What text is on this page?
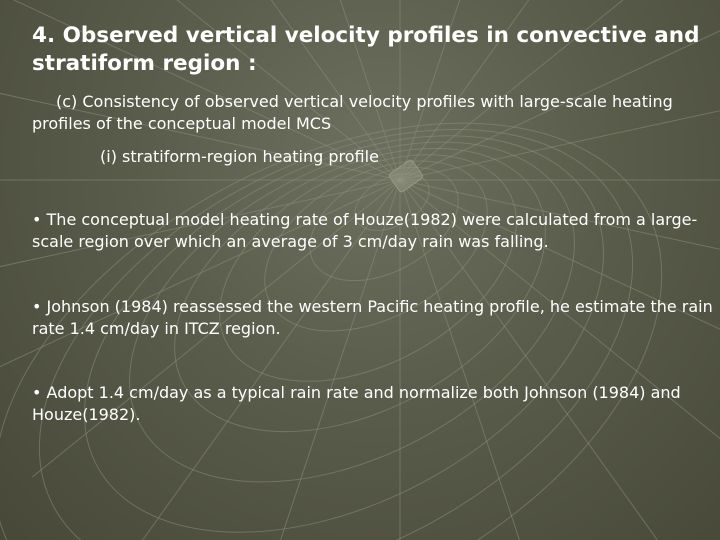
4. Observed vertical velocity profiles in convective and stratiform region :

(c) Consistency of observed vertical velocity profiles with large-scale heating profiles of the conceptual model MCS

(i) stratiform-region heating profile

• The conceptual model heating rate of Houze(1982) were calculated from a large-scale region over which an average of 3 cm/day rain was falling.

• Johnson (1984) reassessed the western Pacific heating profile, he estimate the rain rate 1.4 cm/day in ITCZ region.

• Adopt 1.4 cm/day as a typical rain rate and normalize both Johnson (1984) and Houze(1982).
